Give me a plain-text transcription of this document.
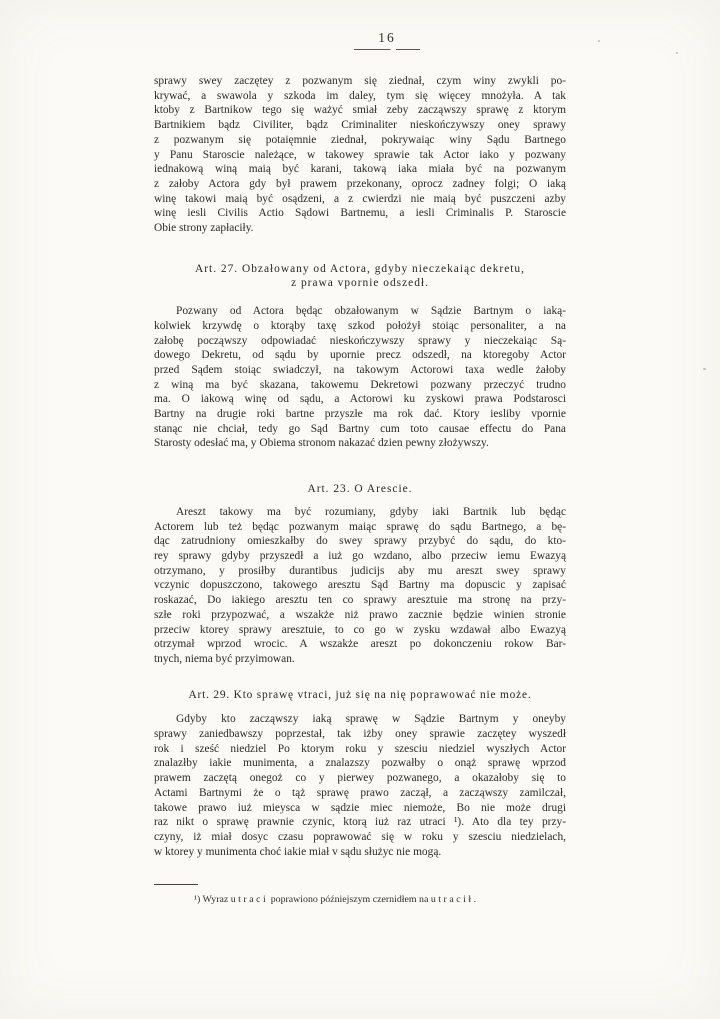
16
sprawy swey zaczętey z pozwanym się ziednał, czym winy zwykli po-
krywać, a swawola y szkoda im daley, tym się więcey mnożyła. A tak
ktoby z Bartnikow tego się ważyć smiał zeby zacząwszy sprawę z ktorym
Bartnikiem bądz Civiliter, bądz Criminaliter nieskończywszy oney sprawy
z pozwanym się potaięmnie ziednał, pokrywaiąc winy Sądu Bartnego
y Panu Staroscie należące, w takowey sprawie tak Actor iako y pozwany
iednakową winą maią być karani, takową iaka miała być na pozwanym
z załoby Actora gdy był prawem przekonany, oprocz zadney folgi; O iaką
winę takowi maią być osądzeni, a z cwierdzi nie maią być puszczeni azby
winę iesli Civilis Actio Sądowi Bartnemu, a iesli Criminalis P. Staroscie
Obie strony zapłaciły.
Art. 27. Obzałowany od Actora, gdyby nieczekaiąc dekretu,
z prawa vpornie odszedł.
Pozwany od Actora będąc obzałowanym w Sądzie Bartnym o iaką-
kolwiek krzywdę o ktorąby taxę szkod położył stoiąc personaliter, a na
załobę począwszy odpowiadać nieskończywszy sprawy y nieczekaiąc Są-
dowego Dekretu, od sądu by upornie precz odszedł, na ktoregoby Actor
przed Sądem stoiąc swiadczył, na takowym Actorowi taxa wedle żałoby
z winą ma być skazana, takowemu Dekretowi pozwany przeczyć trudno
ma. O iakową winę od sądu, a Actorowi ku zyskowi prawa Podstarosci
Bartny na drugie roki bartne przyszłe ma rok dać. Ktory iesliby vpornie
stanąc nie chciał, tedy go Sąd Bartny cum toto causae effectu do Pana
Starosty odesłać ma, y Obiema stronom nakazać dzien pewny złożywszy.
Art. 23. O Arescie.
Areszt takowy ma być rozumiany, gdyby iaki Bartnik lub będąc
Actorem lub też będąc pozwanym maiąc sprawę do sądu Bartnego, a bę-
dąc zatrudniony omieszkałby do swey sprawy przybyć do sądu, do kto-
rey sprawy gdyby przyszedł a iuż go wzdano, albo przeciw iemu Ewazyą
otrzymano, y prosiłby durantibus judicijs aby mu areszt swey sprawy
vczynic dopuszczono, takowego aresztu Sąd Bartny ma dopuscic y zapisać
roskazać, Do iakiego aresztu ten co sprawy aresztuie ma stronę na przy-
szłe roki przypozwać, a wszakże niż prawo zacznie będzie winien stronie
przeciw ktorey sprawy aresztuie, to co go w zysku wzdawał albo Ewazyą
otrzymał wprzod wrocic. A wszakże areszt po dokonczeniu rokow Bar-
tnych, niema być przyimowan.
Art. 29. Kto sprawę vtraci, już się na nię poprawować nie może.
Gdyby kto zacząwszy iaką sprawę w Sądzie Bartnym y oneyby
sprawy zaniedbawszy poprzestał, tak iżby oney sprawie zaczętey wyszedł
rok i sześć niedziel Po ktorym roku y szesciu niedziel wyszłych Actor
znalazłby iakie munimenta, a znalazszy pozwałby o onąż sprawę wprzod
prawem zaczętą onegoż co y pierwey pozwanego, a okazałoby się to
Actami Bartnymi że o tąż sprawę prawo zaczął, a zacząwszy zamilczał,
takowe prawo iuż mieysca w sądzie miec niemoże, Bo nie może drugi
raz nikt o sprawę prawnie czynic, ktorą iuż raz utraci ¹). Ato dla tey przy-
czyny, iż miał dosyc czasu poprawować się w roku y szesciu niedzielach,
w ktorey y munimenta choć iakie miał v sądu służyc nie mogą.
¹) Wyraz utraci poprawiono późniejszym czernidłem na utracił.
